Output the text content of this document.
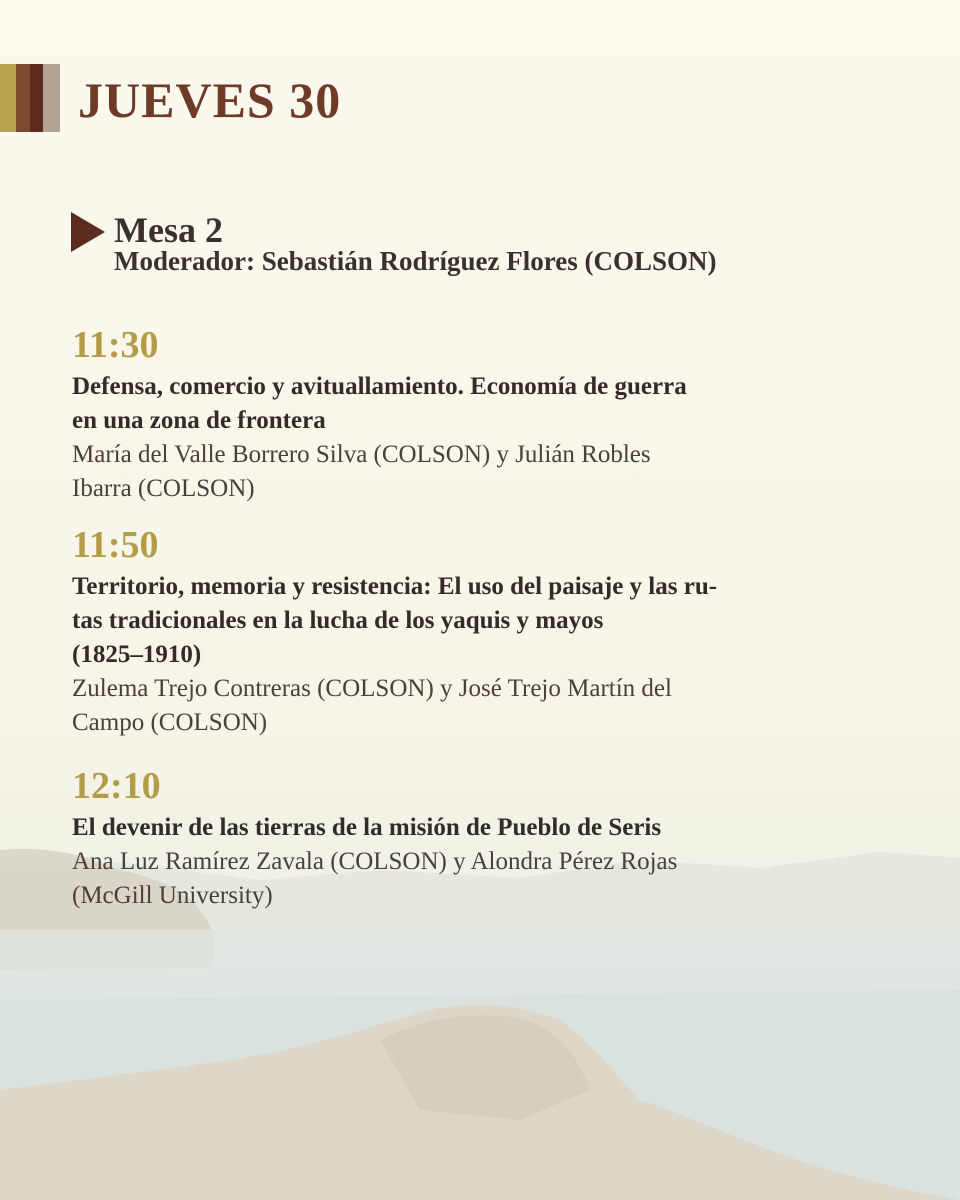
JUEVES 30
Mesa 2
Moderador: Sebastián Rodríguez Flores (COLSON)
11:30
Defensa, comercio y avituallamiento. Economía de guerra
en una zona de frontera
María del Valle Borrero Silva (COLSON) y Julián Robles
Ibarra (COLSON)
11:50
Territorio, memoria y resistencia: El uso del paisaje y las ru-
tas tradicionales en la lucha de los yaquis y mayos
(1825–1910)
Zulema Trejo Contreras (COLSON) y José Trejo Martín del
Campo (COLSON)
12:10
El devenir de las tierras de la misión de Pueblo de Seris
Ana Luz Ramírez Zavala (COLSON) y Alondra Pérez Rojas
(McGill University)
